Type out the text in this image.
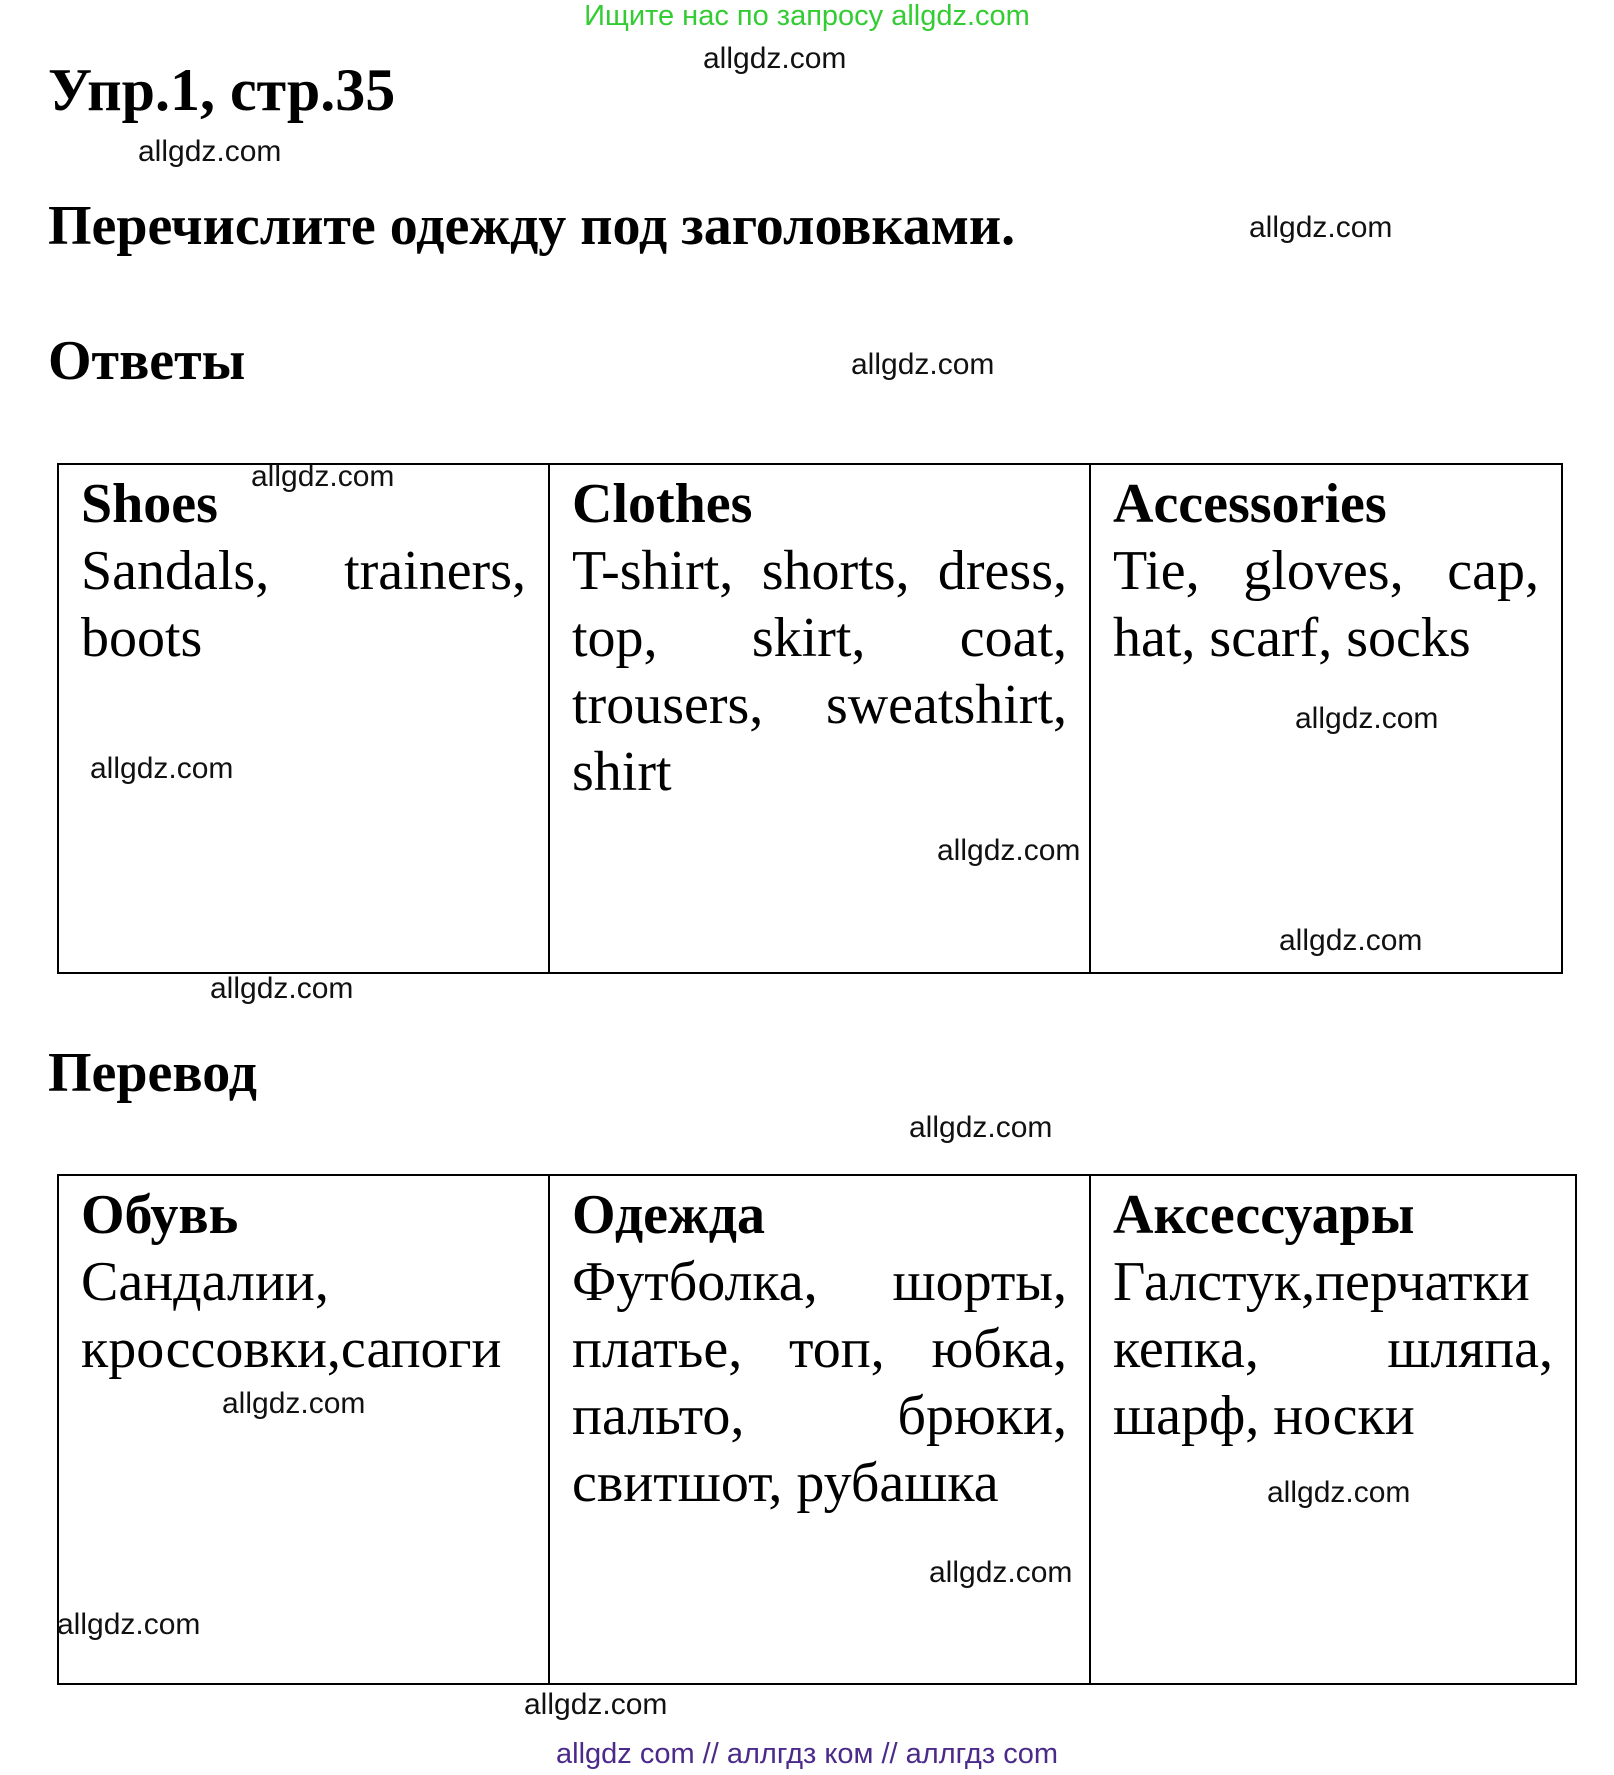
Ищите нас по запросу allgdz.com
allgdz.com
Упр.1, стр.35
allgdz.com
Перечислите одежду под заголовками.	allgdz.com
Ответы	allgdz.com
Shoes
Sandals, trainers, boots

Clothes
T-shirt, shorts, dress, top, skirt, coat, trousers, sweatshirt, shirt

Accessories
Tie, gloves, cap, hat, scarf, socks
allgdz.com
allgdz.com
allgdz.com
allgdz.com
allgdz.com
allgdz.com
Перевод
allgdz.com
Обувь
Сандалии, кроссовки,сапоги

Одежда
Футболка, шорты, платье, топ, юбка, пальто, брюки, свитшот, рубашка

Аксессуары
Галстук,перчатки кепка, шляпа, шарф, носки
allgdz.com
allgdz.com
allgdz.com
allgdz.com
allgdz.com
allgdz com // аллгдз ком // аллгдз com
